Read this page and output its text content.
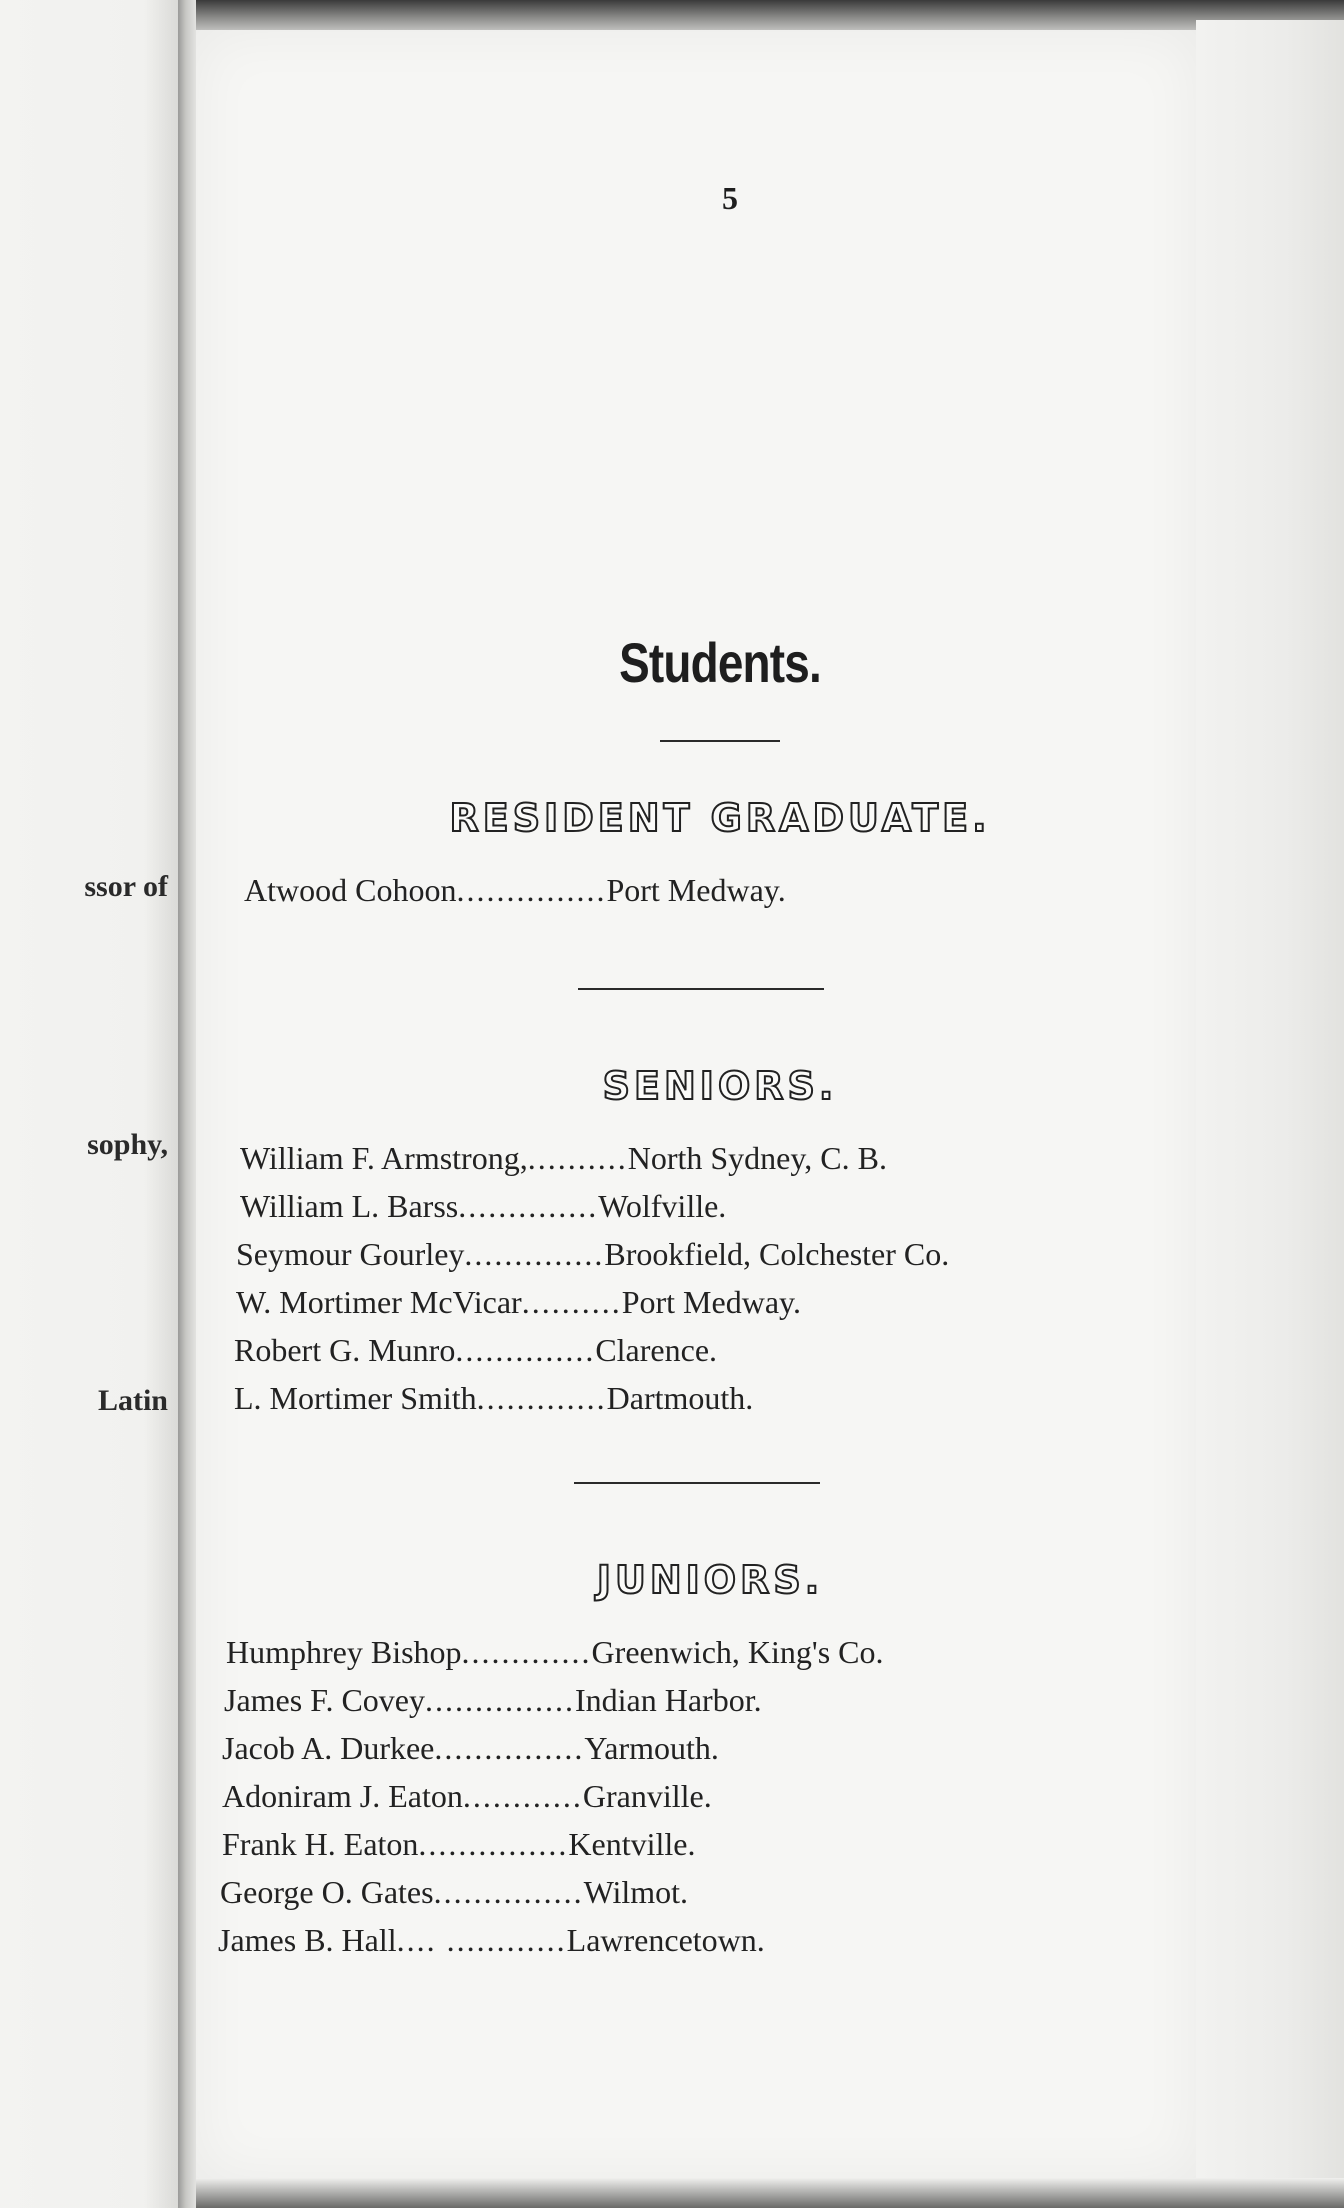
ssor of
sophy,
Latin
5
Students.
RESIDENT GRADUATE.
Atwood Cohoon ............... Port Medway.
SENIORS.
William F. Armstrong, .......... North Sydney, C. B.
William L. Barss .............. Wolfville.
Seymour Gourley .............. Brookfield, Colchester Co.
W. Mortimer McVicar .......... Port Medway.
Robert G. Munro .............. Clarence.
L. Mortimer Smith ............. Dartmouth.
JUNIORS.
Humphrey Bishop ............. Greenwich, King's Co.
James F. Covey ............... Indian Harbor.
Jacob A. Durkee ............... Yarmouth.
Adoniram J. Eaton ............ Granville.
Frank H. Eaton ............... Kentville.
George O. Gates ............... Wilmot.
James B. Hall .... ............ Lawrencetown.
